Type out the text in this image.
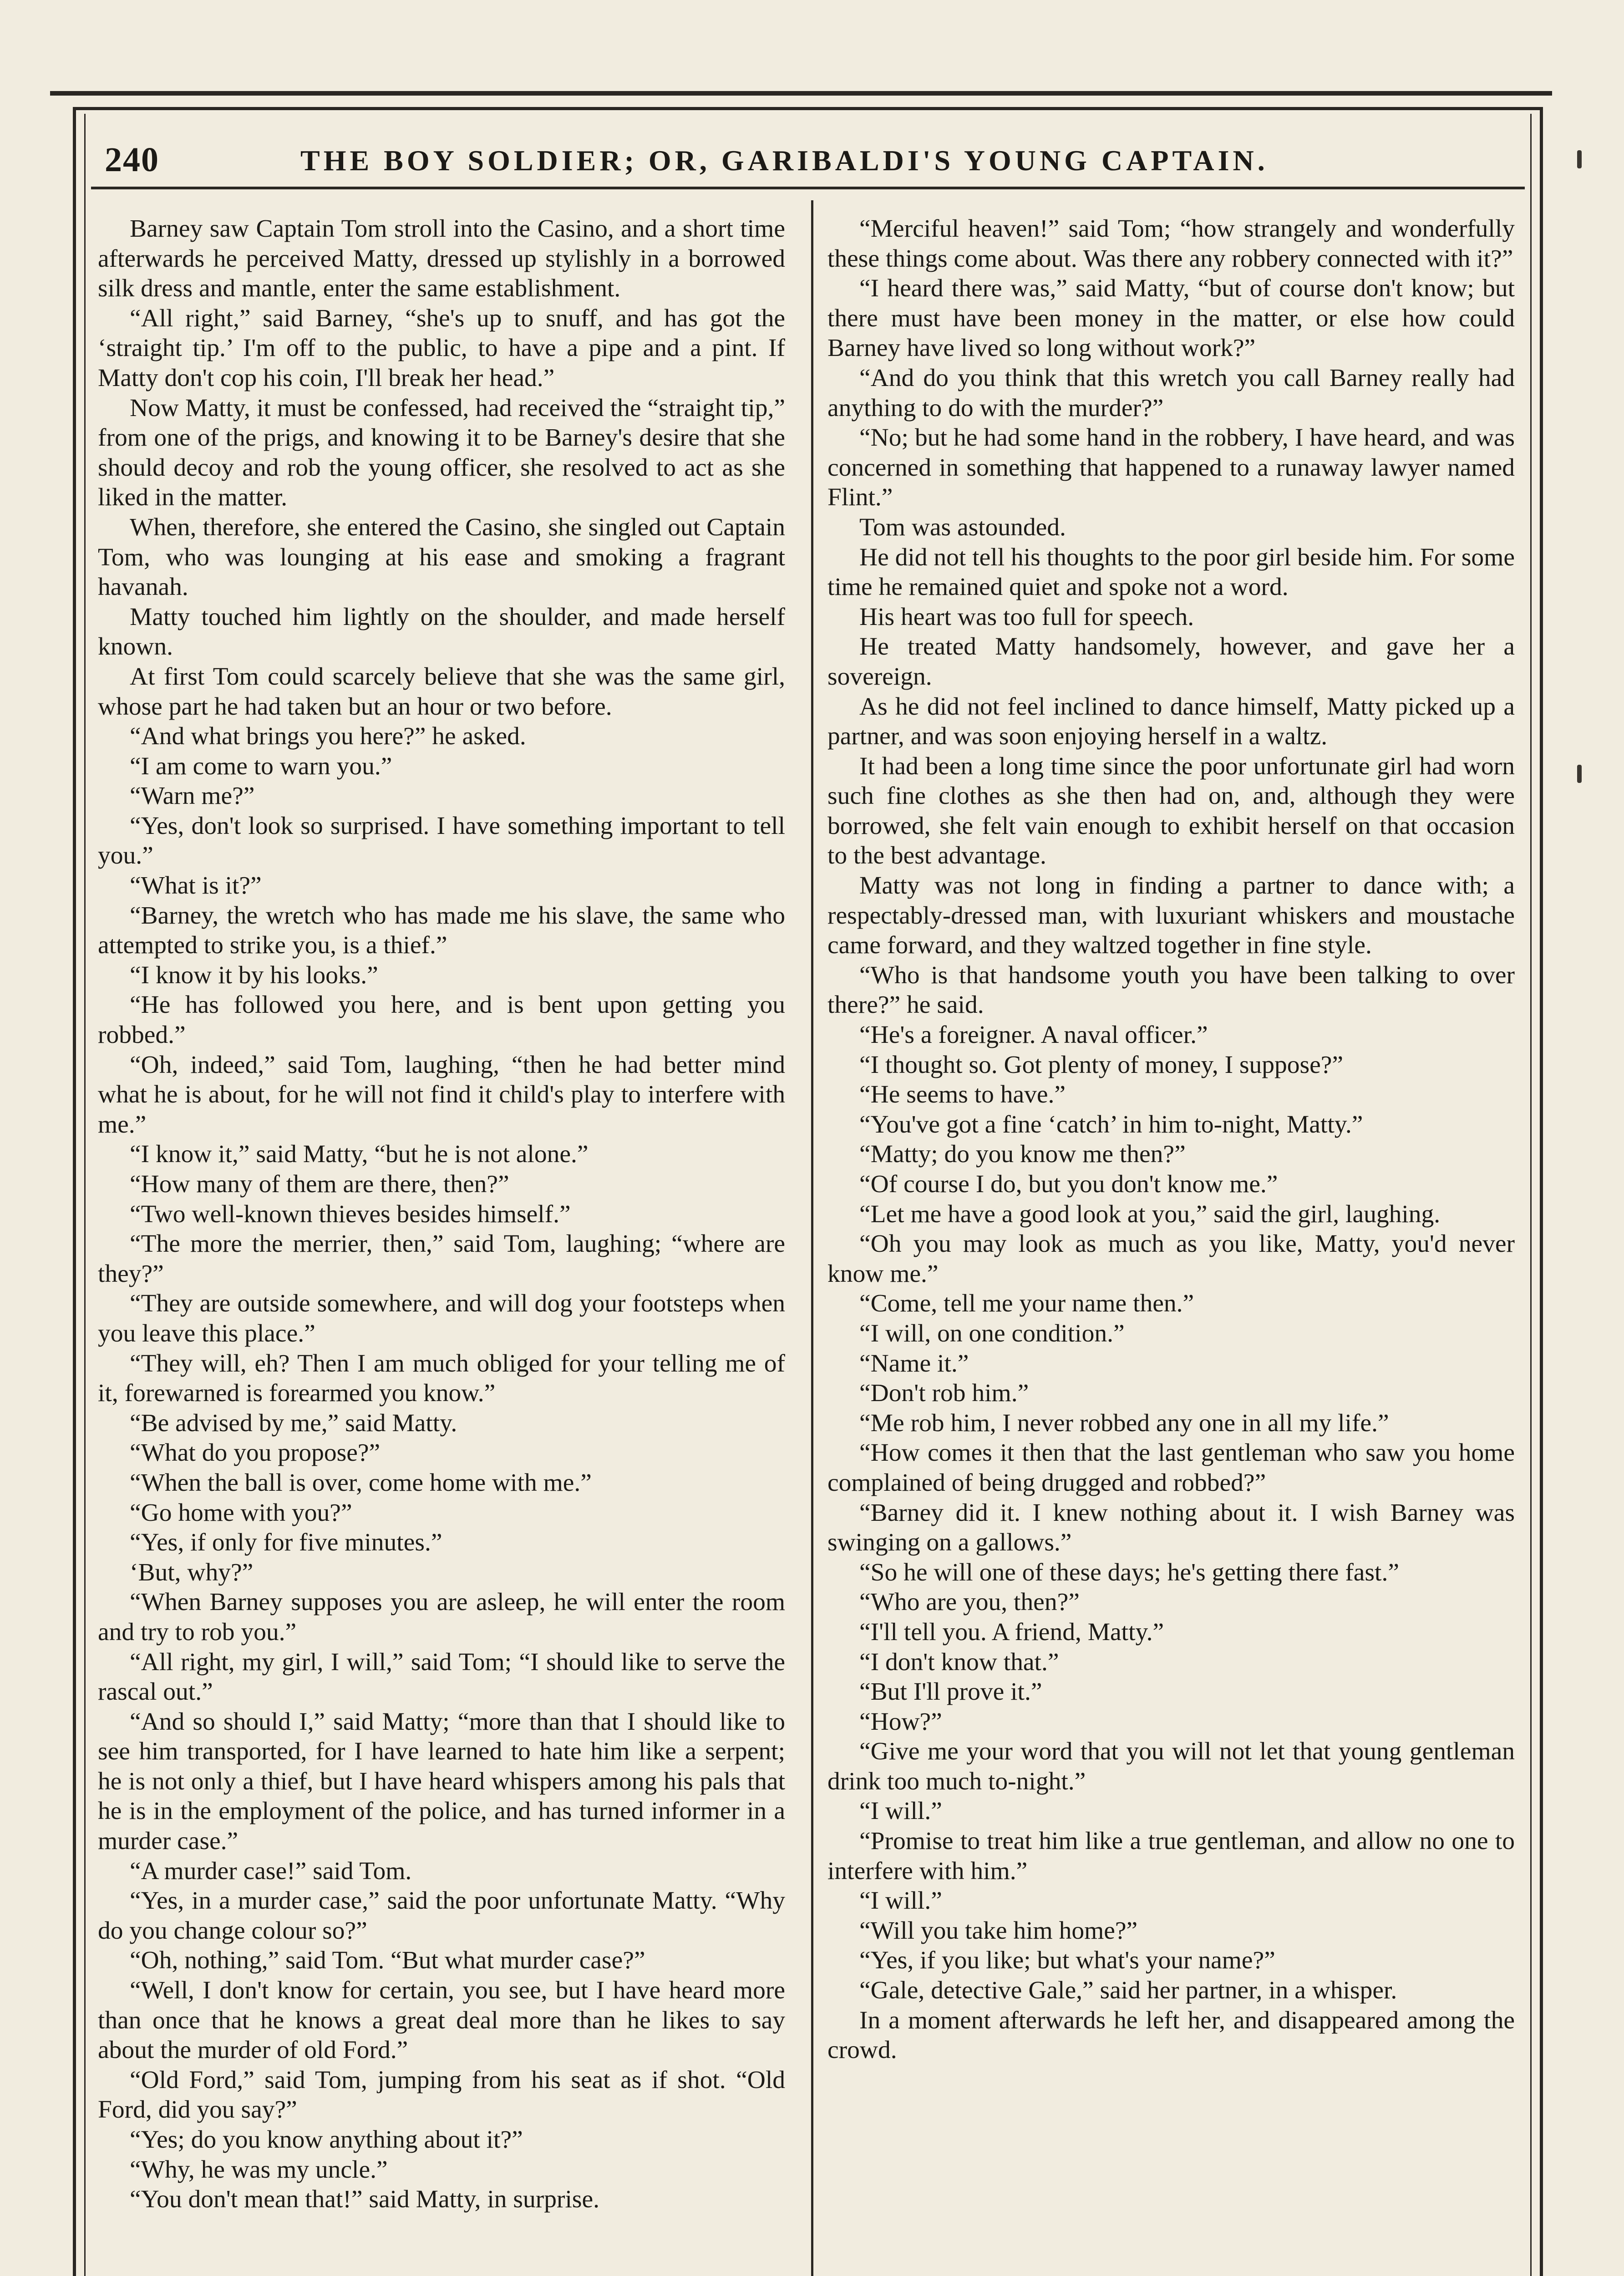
240	THE BOY SOLDIER; OR, GARIBALDI'S YOUNG CAPTAIN.

Barney saw Captain Tom stroll into the Casino, and a short time afterwards he perceived Matty, dressed up stylishly in a borrowed silk dress and mantle, enter the same establishment.

“All right,” said Barney, “she's up to snuff, and has got the ‘straight tip.’ I'm off to the public, to have a pipe and a pint. If Matty don't cop his coin, I'll break her head.”

Now Matty, it must be confessed, had received the “straight tip,” from one of the prigs, and knowing it to be Barney's desire that she should decoy and rob the young officer, she resolved to act as she liked in the matter.

When, therefore, she entered the Casino, she singled out Captain Tom, who was lounging at his ease and smoking a fragrant havanah.

Matty touched him lightly on the shoulder, and made herself known.

At first Tom could scarcely believe that she was the same girl, whose part he had taken but an hour or two before.

“And what brings you here?” he asked.

“I am come to warn you.”

“Warn me?”

“Yes, don't look so surprised. I have something important to tell you.”

“What is it?”

“Barney, the wretch who has made me his slave, the same who attempted to strike you, is a thief.”

“I know it by his looks.”

“He has followed you here, and is bent upon getting you robbed.”

“Oh, indeed,” said Tom, laughing, “then he had better mind what he is about, for he will not find it child's play to interfere with me.”

“I know it,” said Matty, “but he is not alone.”

“How many of them are there, then?”

“Two well-known thieves besides himself.”

“The more the merrier, then,” said Tom, laughing; “where are they?”

“They are outside somewhere, and will dog your footsteps when you leave this place.”

“They will, eh? Then I am much obliged for your telling me of it, forewarned is forearmed you know.”

“Be advised by me,” said Matty.

“What do you propose?”

“When the ball is over, come home with me.”

“Go home with you?”

“Yes, if only for five minutes.”

‘But, why?”

“When Barney supposes you are asleep, he will enter the room and try to rob you.”

“All right, my girl, I will,” said Tom; “I should like to serve the rascal out.”

“And so should I,” said Matty; “more than that I should like to see him transported, for I have learned to hate him like a serpent; he is not only a thief, but I have heard whispers among his pals that he is in the employment of the police, and has turned informer in a murder case.”

“A murder case!” said Tom.

“Yes, in a murder case,” said the poor unfortunate Matty. “Why do you change colour so?”

“Oh, nothing,” said Tom. “But what murder case?”

“Well, I don't know for certain, you see, but I have heard more than once that he knows a great deal more than he likes to say about the murder of old Ford.”

“Old Ford,” said Tom, jumping from his seat as if shot. “Old Ford, did you say?”

“Yes; do you know anything about it?”

“Why, he was my uncle.”

“You don't mean that!” said Matty, in surprise.

“Merciful heaven!” said Tom; “how strangely and wonderfully these things come about. Was there any robbery connected with it?”

“I heard there was,” said Matty, “but of course don't know; but there must have been money in the matter, or else how could Barney have lived so long without work?”

“And do you think that this wretch you call Barney really had anything to do with the murder?”

“No; but he had some hand in the robbery, I have heard, and was concerned in something that happened to a runaway lawyer named Flint.”

Tom was astounded.

He did not tell his thoughts to the poor girl beside him. For some time he remained quiet and spoke not a word.

His heart was too full for speech.

He treated Matty handsomely, however, and gave her a sovereign.

As he did not feel inclined to dance himself, Matty picked up a partner, and was soon enjoying herself in a waltz.

It had been a long time since the poor unfortunate girl had worn such fine clothes as she then had on, and, although they were borrowed, she felt vain enough to exhibit herself on that occasion to the best advantage.

Matty was not long in finding a partner to dance with; a respectably-dressed man, with luxuriant whiskers and moustache came forward, and they waltzed together in fine style.

“Who is that handsome youth you have been talking to over there?” he said.

“He's a foreigner. A naval officer.”

“I thought so. Got plenty of money, I suppose?”

“He seems to have.”

“You've got a fine ‘catch’ in him to-night, Matty.”

“Matty; do you know me then?”

“Of course I do, but you don't know me.”

“Let me have a good look at you,” said the girl, laughing.

“Oh you may look as much as you like, Matty, you'd never know me.”

“Come, tell me your name then.”

“I will, on one condition.”

“Name it.”

“Don't rob him.”

“Me rob him, I never robbed any one in all my life.”

“How comes it then that the last gentleman who saw you home complained of being drugged and robbed?”

“Barney did it. I knew nothing about it. I wish Barney was swinging on a gallows.”

“So he will one of these days; he's getting there fast.”

“Who are you, then?”

“I'll tell you. A friend, Matty.”

“I don't know that.”

“But I'll prove it.”

“How?”

“Give me your word that you will not let that young gentleman drink too much to-night.”

“I will.”

“Promise to treat him like a true gentleman, and allow no one to interfere with him.”

“I will.”

“Will you take him home?”

“Yes, if you like; but what's your name?”

“Gale, detective Gale,” said her partner, in a whisper.

In a moment afterwards he left her, and disappeared among the crowd.
